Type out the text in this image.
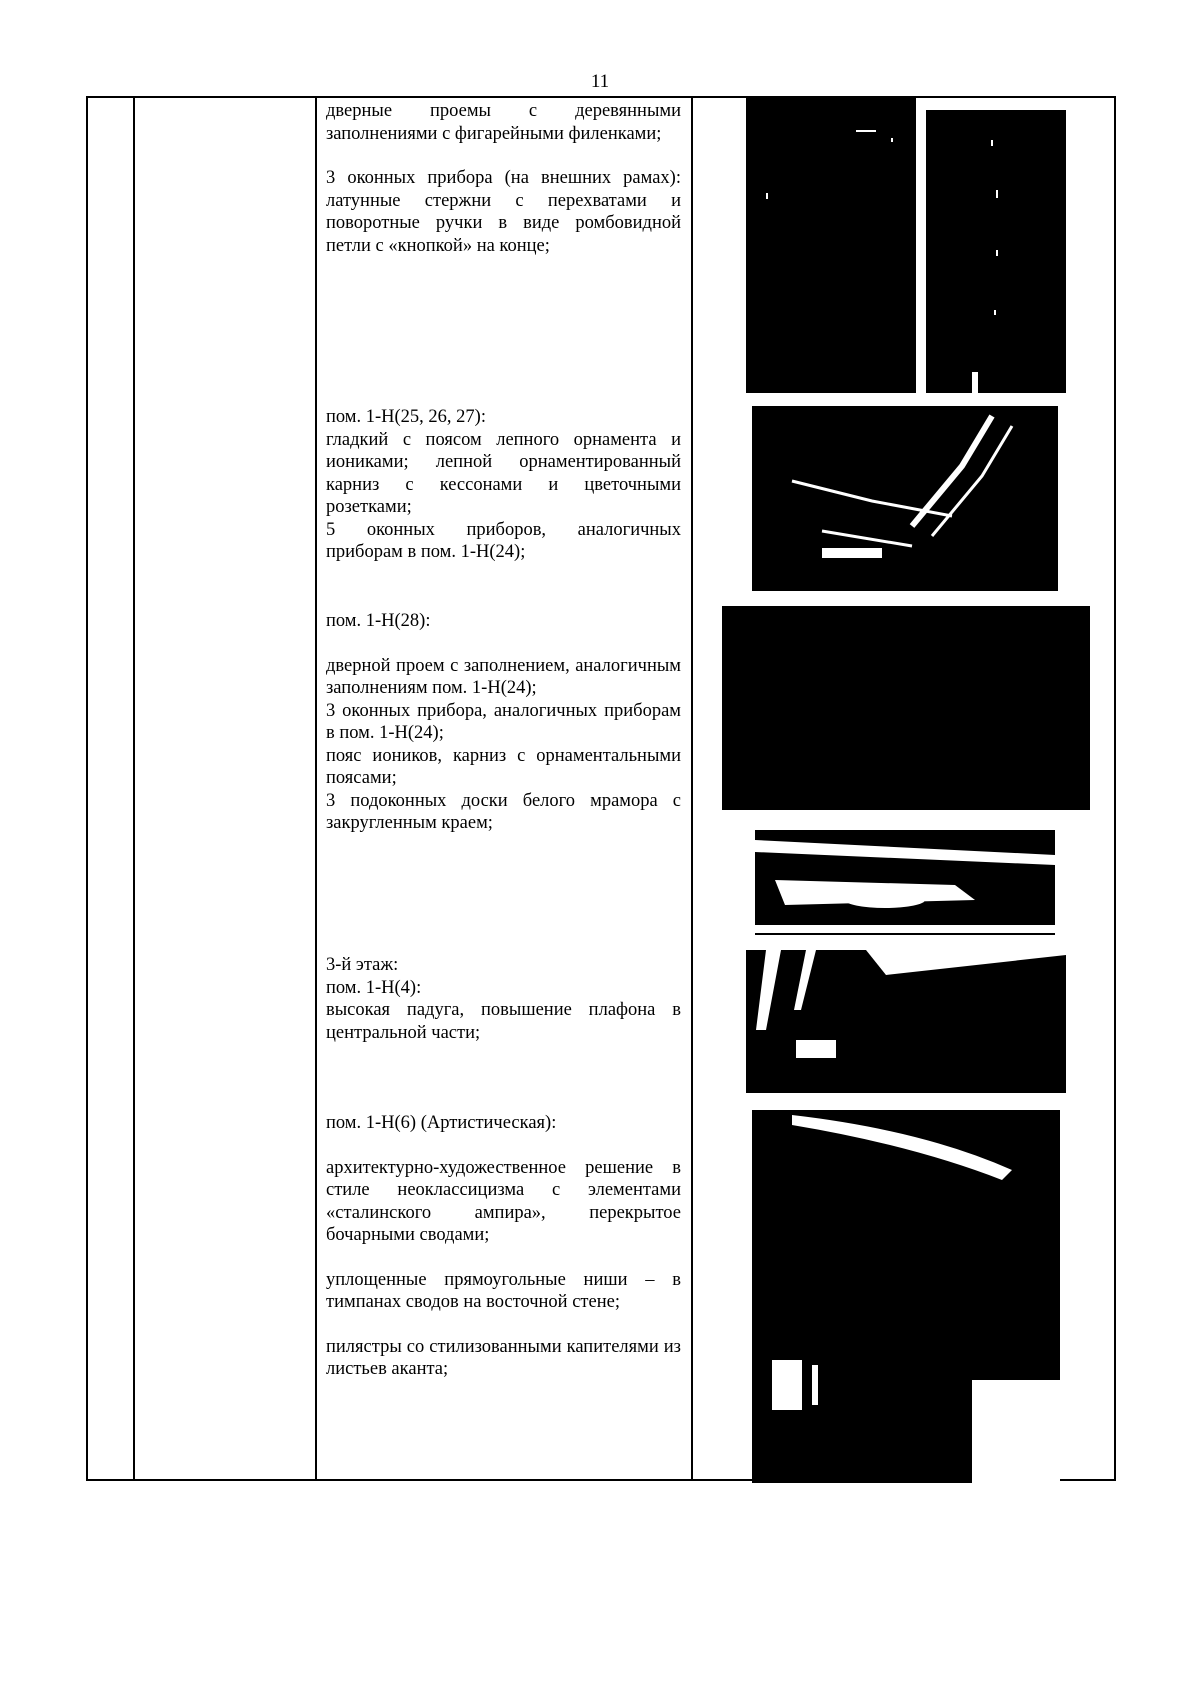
11

дверные проемы с деревянными заполнениями с фигарейными филенками;

3 оконных прибора (на внешних рамах): латунные стержни с перехватами и поворотные ручки в виде ромбовидной петли с «кнопкой» на конце;

пом. 1-Н(25, 26, 27):

гладкий с поясом лепного орнамента и иониками; лепной орнаментированный карниз с кессонами и цветочными розетками;

5 оконных приборов, аналогичных приборам в пом. 1-Н(24);

пом. 1-Н(28):

дверной проем с заполнением, аналогичным заполнениям пом. 1-Н(24);

3 оконных прибора, аналогичных приборам в пом. 1-Н(24);

пояс иоников, карниз с орнаментальными поясами;

3 подоконных доски белого мрамора с закругленным краем;

3-й этаж:

пом. 1-Н(4):

высокая падуга, повышение плафона в центральной части;

пом. 1-Н(6) (Артистическая):

архитектурно-художественное решение в стиле неоклассицизма с элементами «сталинского ампира», перекрытое бочарными сводами;

уплощенные прямоугольные ниши – в тимпанах сводов на восточной стене;

пилястры со стилизованными капителями из листьев аканта;
